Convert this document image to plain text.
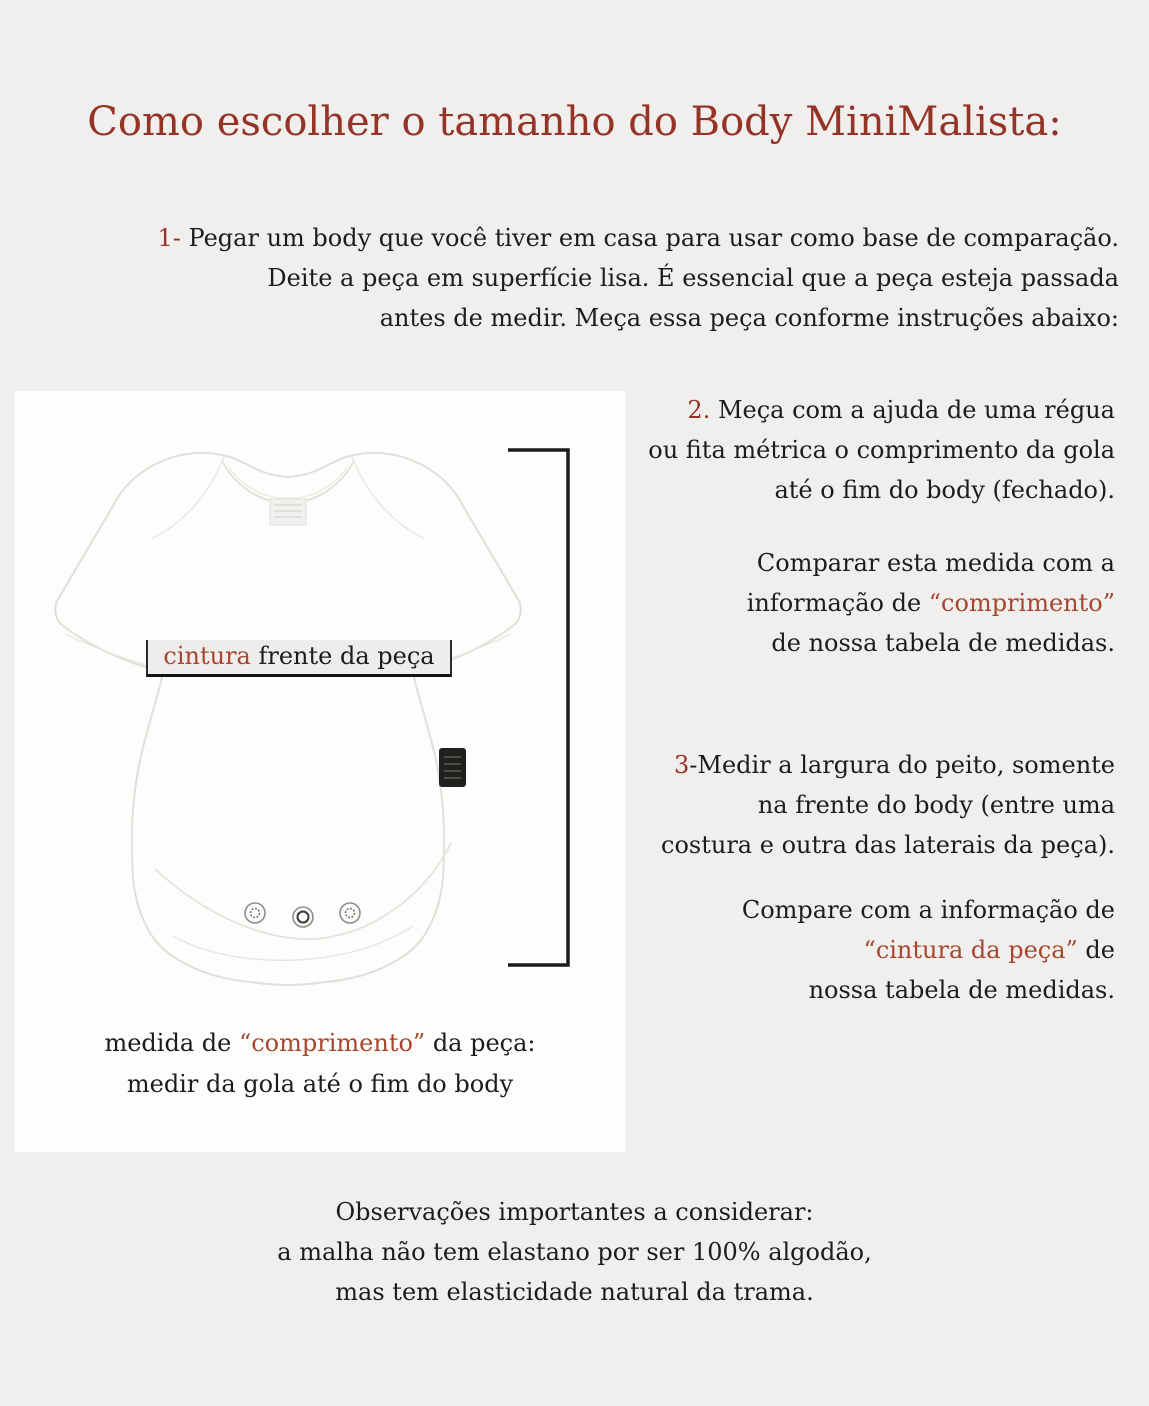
Como escolher o tamanho do Body MiniMalista:
1- Pegar um body que você tiver em casa para usar como base de comparação.
Deite a peça em superfície lisa. É essencial que a peça esteja passada
antes de medir. Meça essa peça conforme instruções abaixo:
cintura frente da peça
medida de “comprimento” da peça:
medir da gola até o fim do body
2. Meça com a ajuda de uma régua
ou fita métrica o comprimento da gola
até o fim do body (fechado).
Comparar esta medida com a
informação de “comprimento”
de nossa tabela de medidas.
3-Medir a largura do peito, somente
na frente do body (entre uma
costura e outra das laterais da peça).
Compare com a informação de
“cintura da peça” de
nossa tabela de medidas.
Observações importantes a considerar:
a malha não tem elastano por ser 100% algodão,
mas tem elasticidade natural da trama.
